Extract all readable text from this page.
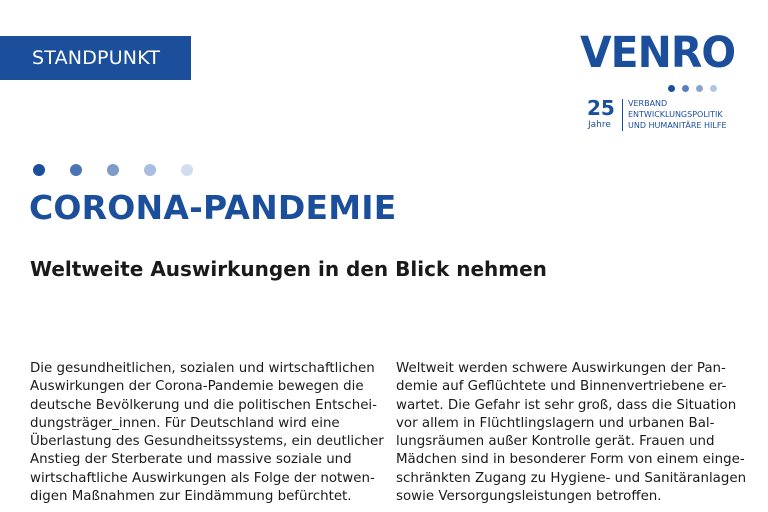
STANDPUNKT	VENRO
25
Jahre
VERBAND
ENTWICKLUNGSPOLITIK
UND HUMANITÄRE HILFE
CORONA-PANDEMIE
Weltweite Auswirkungen in den Blick nehmen
Die gesundheitlichen, sozialen und wirtschaftlichen
Auswirkungen der Corona-Pandemie bewegen die
deutsche Bevölkerung und die politischen Entschei-
dungsträger_innen. Für Deutschland wird eine
Überlastung des Gesundheitssystems, ein deutlicher
Anstieg der Sterberate und massive soziale und
wirtschaftliche Auswirkungen als Folge der notwen-
digen Maßnahmen zur Eindämmung befürchtet.
Weltweit werden schwere Auswirkungen der Pan-
demie auf Geflüchtete und Binnenvertriebene er-
wartet. Die Gefahr ist sehr groß, dass die Situation
vor allem in Flüchtlingslagern und urbanen Bal-
lungsräumen außer Kontrolle gerät. Frauen und
Mädchen sind in besonderer Form von einem einge-
schränkten Zugang zu Hygiene- und Sanitäranlagen
sowie Versorgungsleistungen betroffen.
